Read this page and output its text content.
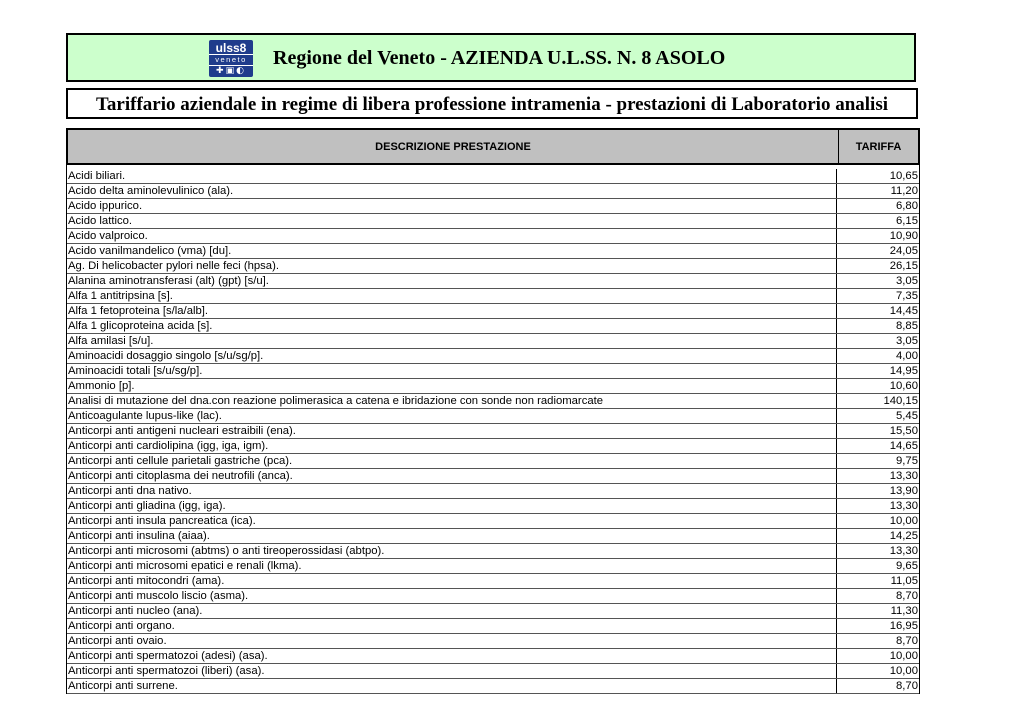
ulss8
veneto
✚▣◐
Regione del Veneto - AZIENDA U.L.SS. N. 8 ASOLO
Tariffario aziendale in regime di libera professione intramenia - prestazioni di Laboratorio analisi
DESCRIZIONE PRESTAZIONE	TARIFFA
Acidi biliari.	10,65
Acido delta aminolevulinico (ala).	11,20
Acido ippurico.	6,80
Acido lattico.	6,15
Acido valproico.	10,90
Acido vanilmandelico (vma) [du].	24,05
Ag. Di helicobacter pylori nelle feci (hpsa).	26,15
Alanina aminotransferasi (alt) (gpt) [s/u].	3,05
Alfa 1 antitripsina [s].	7,35
Alfa 1 fetoproteina [s/la/alb].	14,45
Alfa 1 glicoproteina acida [s].	8,85
Alfa amilasi [s/u].	3,05
Aminoacidi dosaggio singolo [s/u/sg/p].	4,00
Aminoacidi totali [s/u/sg/p].	14,95
Ammonio [p].	10,60
Analisi di mutazione del dna.con reazione polimerasica a catena e ibridazione con sonde non radiomarcate	140,15
Anticoagulante lupus-like (lac).	5,45
Anticorpi anti antigeni nucleari estraibili (ena).	15,50
Anticorpi anti cardiolipina (igg, iga, igm).	14,65
Anticorpi anti cellule parietali gastriche (pca).	9,75
Anticorpi anti citoplasma dei neutrofili (anca).	13,30
Anticorpi anti dna nativo.	13,90
Anticorpi anti gliadina (igg, iga).	13,30
Anticorpi anti insula pancreatica (ica).	10,00
Anticorpi anti insulina (aiaa).	14,25
Anticorpi anti microsomi (abtms) o anti tireoperossidasi (abtpo).	13,30
Anticorpi anti microsomi epatici e renali (lkma).	9,65
Anticorpi anti mitocondri (ama).	11,05
Anticorpi anti muscolo liscio (asma).	8,70
Anticorpi anti nucleo (ana).	11,30
Anticorpi anti organo.	16,95
Anticorpi anti ovaio.	8,70
Anticorpi anti spermatozoi (adesi) (asa).	10,00
Anticorpi anti spermatozoi (liberi) (asa).	10,00
Anticorpi anti surrene.	8,70
